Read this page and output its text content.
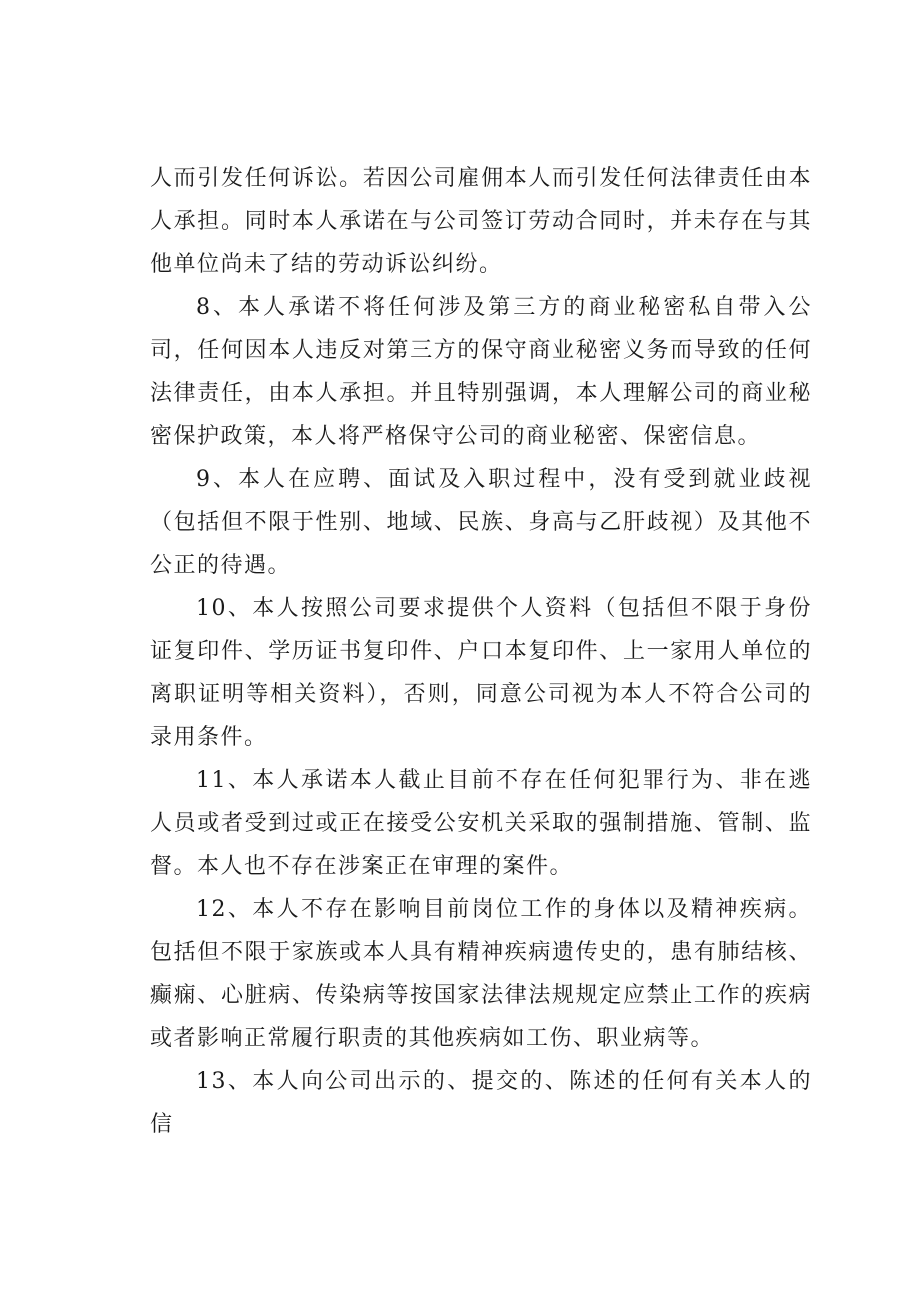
人而引发任何诉讼。若因公司雇佣本人而引发任何法律责任由本人承担。同时本人承诺在与公司签订劳动合同时，并未存在与其他单位尚未了结的劳动诉讼纠纷。

8、本人承诺不将任何涉及第三方的商业秘密私自带入公司，任何因本人违反对第三方的保守商业秘密义务而导致的任何法律责任，由本人承担。并且特别强调，本人理解公司的商业秘密保护政策，本人将严格保守公司的商业秘密、保密信息。

9、本人在应聘、面试及入职过程中，没有受到就业歧视（包括但不限于性别、地域、民族、身高与乙肝歧视）及其他不公正的待遇。

10、本人按照公司要求提供个人资料（包括但不限于身份证复印件、学历证书复印件、户口本复印件、上一家用人单位的离职证明等相关资料），否则，同意公司视为本人不符合公司的录用条件。

11、本人承诺本人截止目前不存在任何犯罪行为、非在逃人员或者受到过或正在接受公安机关采取的强制措施、管制、监督。本人也不存在涉案正在审理的案件。

12、本人不存在影响目前岗位工作的身体以及精神疾病。包括但不限于家族或本人具有精神疾病遗传史的，患有肺结核、癫痫、心脏病、传染病等按国家法律法规规定应禁止工作的疾病或者影响正常履行职责的其他疾病如工伤、职业病等。

13、本人向公司出示的、提交的、陈述的任何有关本人的信
